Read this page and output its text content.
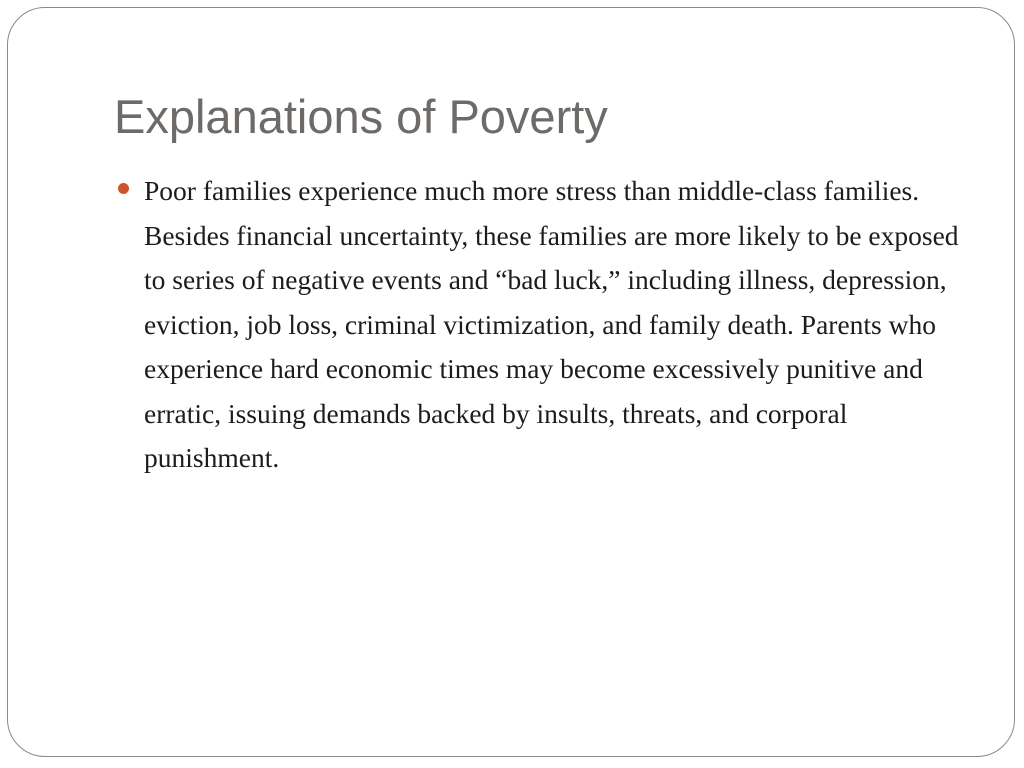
Explanations of Poverty
Poor families experience much more stress than middle-class families. Besides financial uncertainty, these families are more likely to be exposed to series of negative events and “bad luck,” including illness, depression, eviction, job loss, criminal victimization, and family death. Parents who experience hard economic times may become excessively punitive and erratic, issuing demands backed by insults, threats, and corporal punishment.
